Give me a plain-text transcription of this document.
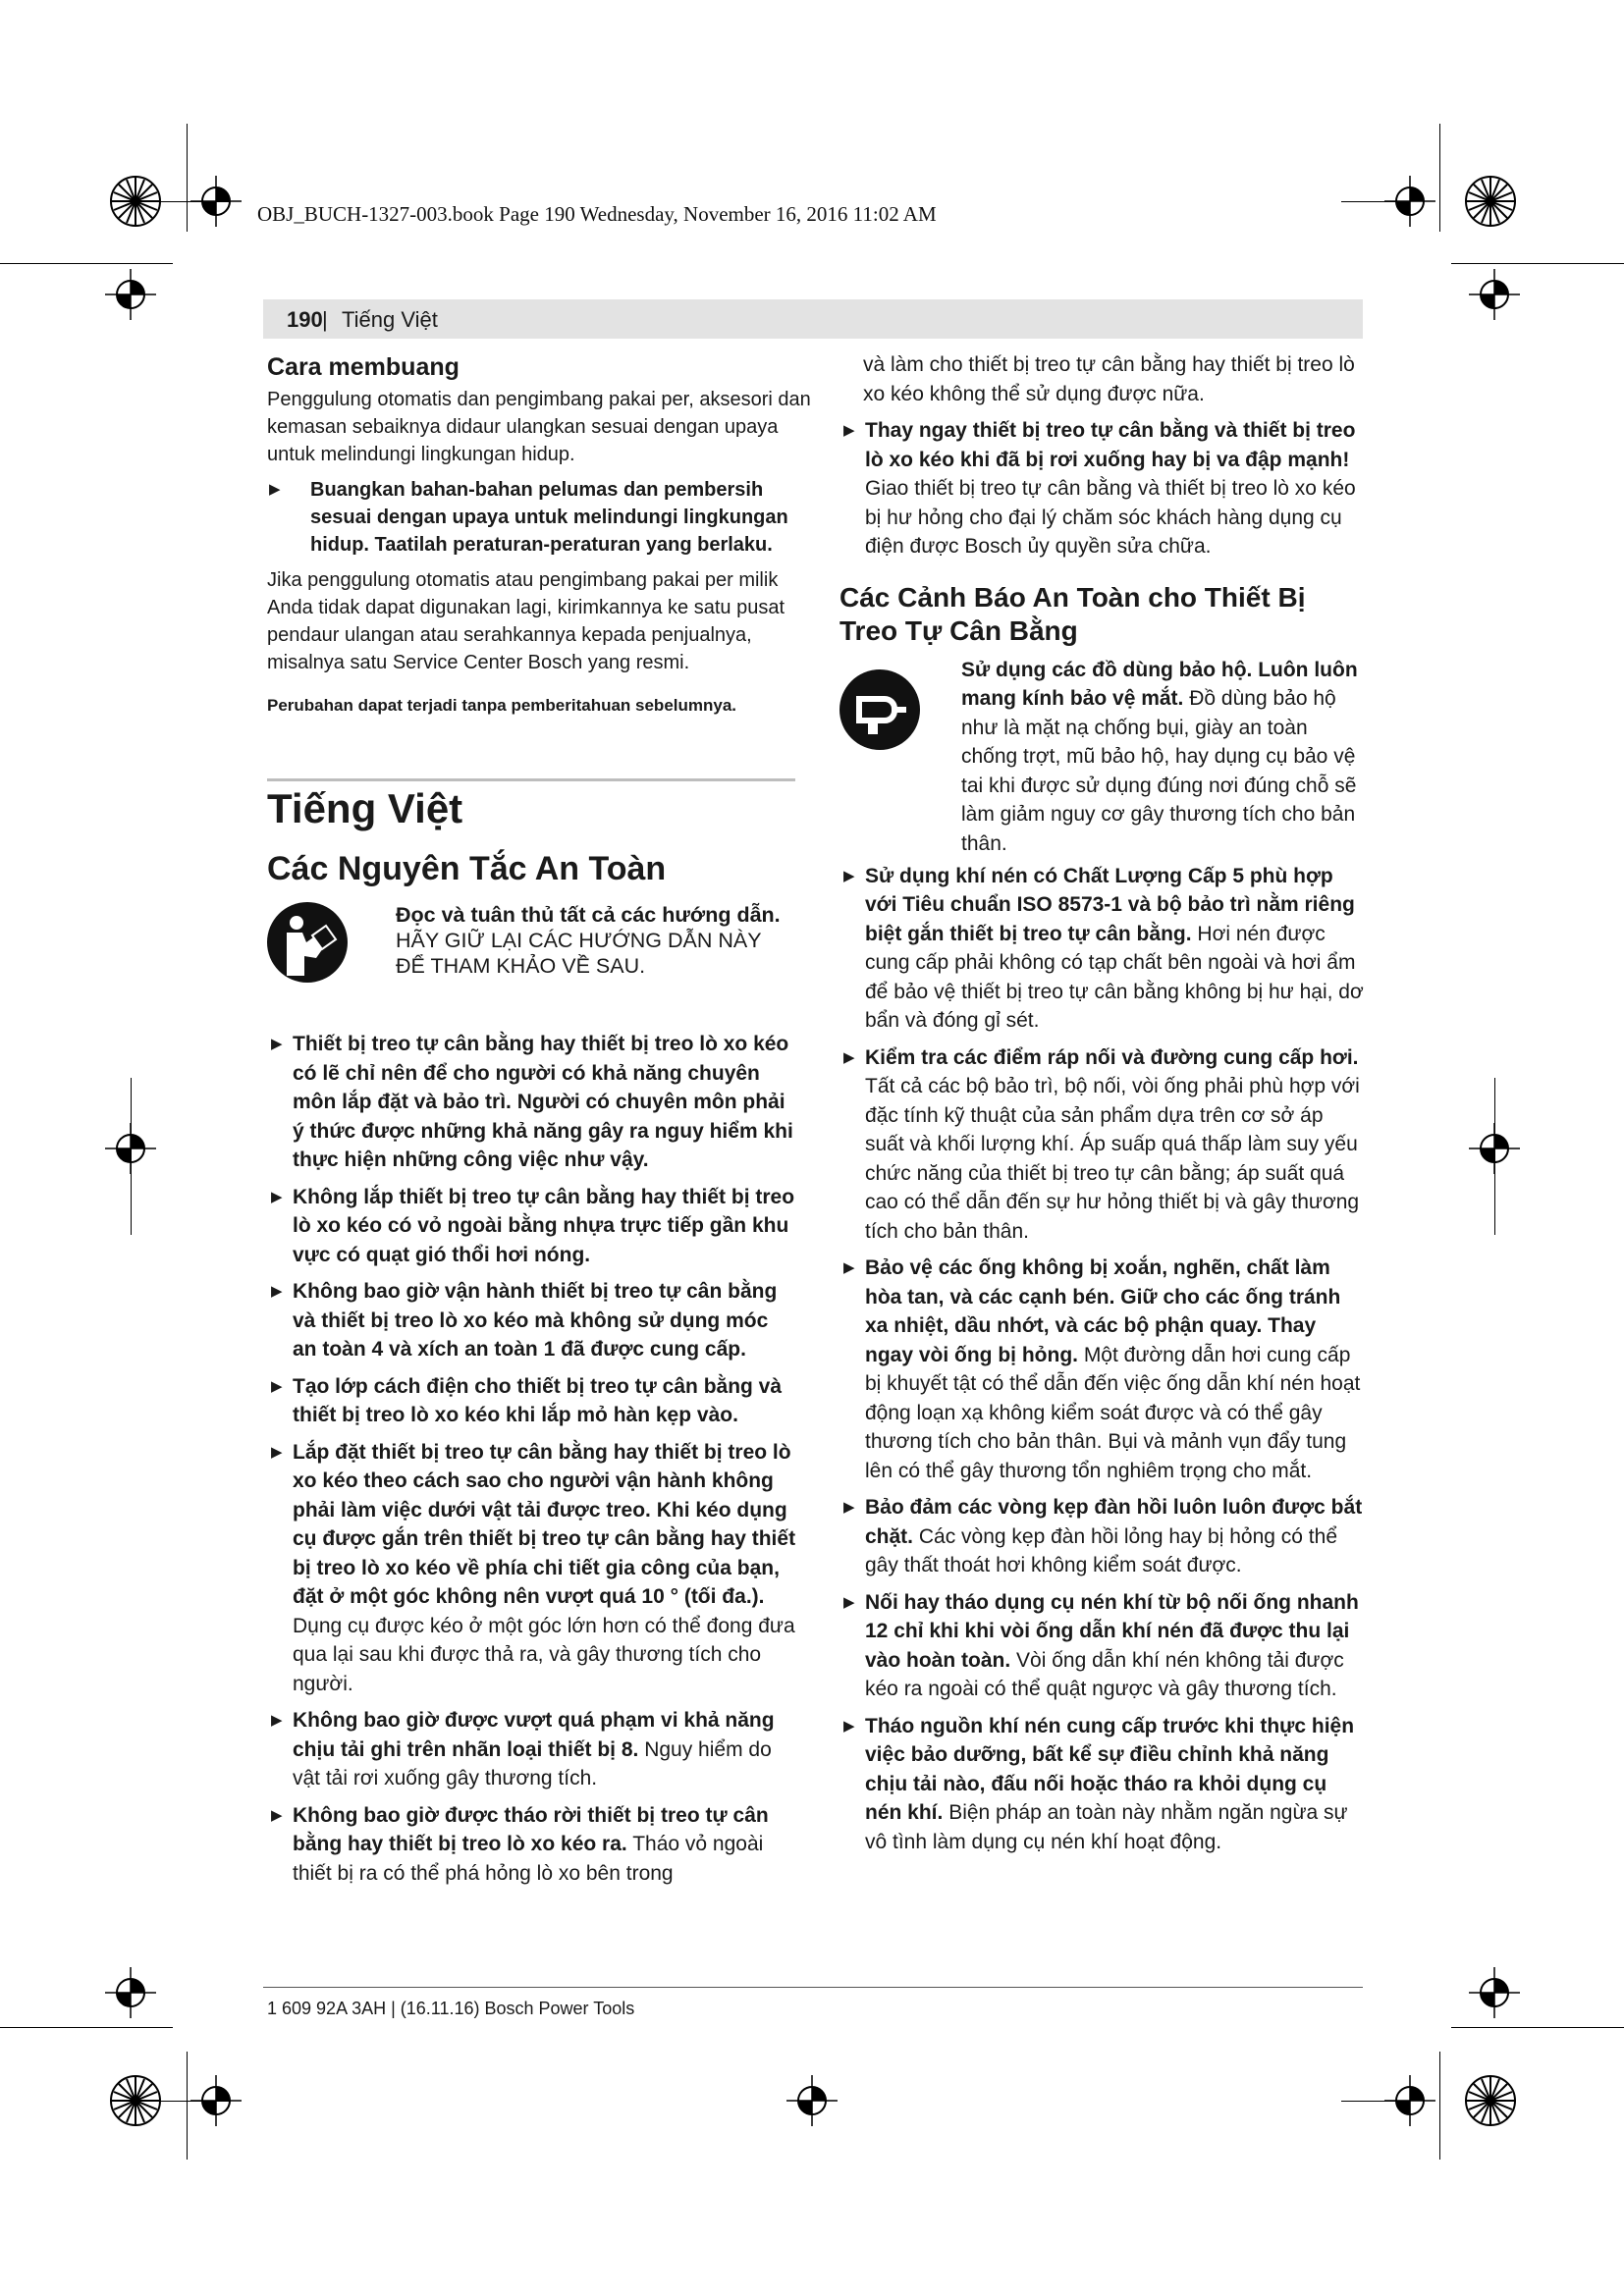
OBJ_BUCH-1327-003.book Page 190 Wednesday, November 16, 2016 11:02 AM
190 | Tiếng Việt

Cara membuang

Penggulung otomatis dan pengimbang pakai per, aksesori dan kemasan sebaiknya didaur ulangkan sesuai dengan upaya untuk melindungi lingkungan hidup.

▶ Buangkan bahan-bahan pelumas dan pembersih sesuai dengan upaya untuk melindungi lingkungan hidup. Taatilah peraturan-peraturan yang berlaku.

Jika penggulung otomatis atau pengimbang pakai per milik Anda tidak dapat digunakan lagi, kirimkannya ke satu pusat pendaur ulangan atau serahkannya kepada penjualnya, misalnya satu Service Center Bosch yang resmi.

Perubahan dapat terjadi tanpa pemberitahuan sebelumnya.

Tiếng Việt

Các Nguyên Tắc An Toàn

Đọc và tuân thủ tất cả các hướng dẫn. HÃY GIỮ LẠI CÁC HƯỚNG DẪN NÀY ĐỂ THAM KHẢO VỀ SAU.

▶ Thiết bị treo tự cân bằng hay thiết bị treo lò xo kéo có lẽ chỉ nên để cho người có khả năng chuyên môn lắp đặt và bảo trì. Người có chuyên môn phải ý thức được những khả năng gây ra nguy hiểm khi thực hiện những công việc như vậy.
▶ Không lắp thiết bị treo tự cân bằng hay thiết bị treo lò xo kéo có vỏ ngoài bằng nhựa trực tiếp gần khu vực có quạt gió thổi hơi nóng.
▶ Không bao giờ vận hành thiết bị treo tự cân bằng và thiết bị treo lò xo kéo mà không sử dụng móc an toàn 4 và xích an toàn 1 đã được cung cấp.
▶ Tạo lớp cách điện cho thiết bị treo tự cân bằng và thiết bị treo lò xo kéo khi lắp mỏ hàn kẹp vào.
▶ Lắp đặt thiết bị treo tự cân bằng hay thiết bị treo lò xo kéo theo cách sao cho người vận hành không phải làm việc dưới vật tải được treo. Khi kéo dụng cụ được gắn trên thiết bị treo tự cân bằng hay thiết bị treo lò xo kéo về phía chi tiết gia công của bạn, đặt ở một góc không nên vượt quá 10 ° (tối đa.). Dụng cụ được kéo ở một góc lớn hơn có thể đong đưa qua lại sau khi được thả ra, và gây thương tích cho người.
▶ Không bao giờ được vượt quá phạm vi khả năng chịu tải ghi trên nhãn loại thiết bị 8. Nguy hiểm do vật tải rơi xuống gây thương tích.
▶ Không bao giờ được tháo rời thiết bị treo tự cân bằng hay thiết bị treo lò xo kéo ra. Tháo vỏ ngoài thiết bị ra có thể phá hỏng lò xo bên trong

và làm cho thiết bị treo tự cân bằng hay thiết bị treo lò xo kéo không thể sử dụng được nữa.

▶ Thay ngay thiết bị treo tự cân bằng và thiết bị treo lò xo kéo khi đã bị rơi xuống hay bị va đập mạnh! Giao thiết bị treo tự cân bằng và thiết bị treo lò xo kéo bị hư hỏng cho đại lý chăm sóc khách hàng dụng cụ điện được Bosch ủy quyền sửa chữa.

Các Cảnh Báo An Toàn cho Thiết Bị Treo Tự Cân Bằng

Sử dụng các đồ dùng bảo hộ. Luôn luôn mang kính bảo vệ mắt. Đồ dùng bảo hộ như là mặt nạ chống bụi, giày an toàn chống trợt, mũ bảo hộ, hay dụng cụ bảo vệ tai khi được sử dụng đúng nơi đúng chỗ sẽ làm giảm nguy cơ gây thương tích cho bản thân.

▶ Sử dụng khí nén có Chất Lượng Cấp 5 phù hợp với Tiêu chuẩn ISO 8573-1 và bộ bảo trì nằm riêng biệt gắn thiết bị treo tự cân bằng. Hơi nén được cung cấp phải không có tạp chất bên ngoài và hơi ẩm để bảo vệ thiết bị treo tự cân bằng không bị hư hại, dơ bẩn và đóng gỉ sét.
▶ Kiểm tra các điểm ráp nối và đường cung cấp hơi. Tất cả các bộ bảo trì, bộ nối, vòi ống phải phù hợp với đặc tính kỹ thuật của sản phẩm dựa trên cơ sở áp suất và khối lượng khí. Áp suấp quá thấp làm suy yếu chức năng của thiết bị treo tự cân bằng; áp suất quá cao có thể dẫn đến sự hư hỏng thiết bị và gây thương tích cho bản thân.
▶ Bảo vệ các ống không bị xoắn, nghẽn, chất làm hòa tan, và các cạnh bén. Giữ cho các ống tránh xa nhiệt, dầu nhớt, và các bộ phận quay. Thay ngay vòi ống bị hỏng. Một đường dẫn hơi cung cấp bị khuyết tật có thể dẫn đến việc ống dẫn khí nén hoạt động loạn xạ không kiểm soát được và có thể gây thương tích cho bản thân. Bụi và mảnh vụn đẩy tung lên có thể gây thương tổn nghiêm trọng cho mắt.
▶ Bảo đảm các vòng kẹp đàn hồi luôn luôn được bắt chặt. Các vòng kẹp đàn hồi lỏng hay bị hỏng có thể gây thất thoát hơi không kiểm soát được.
▶ Nối hay tháo dụng cụ nén khí từ bộ nối ống nhanh 12 chỉ khi khi vòi ống dẫn khí nén đã được thu lại vào hoàn toàn. Vòi ống dẫn khí nén không tải được kéo ra ngoài có thể quật ngược và gây thương tích.
▶ Tháo nguồn khí nén cung cấp trước khi thực hiện việc bảo dưỡng, bất kể sự điều chỉnh khả năng chịu tải nào, đấu nối hoặc tháo ra khỏi dụng cụ nén khí. Biện pháp an toàn này nhằm ngăn ngừa sự vô tình làm dụng cụ nén khí hoạt động.
1 609 92A 3AH | (16.11.16) Bosch Power Tools
